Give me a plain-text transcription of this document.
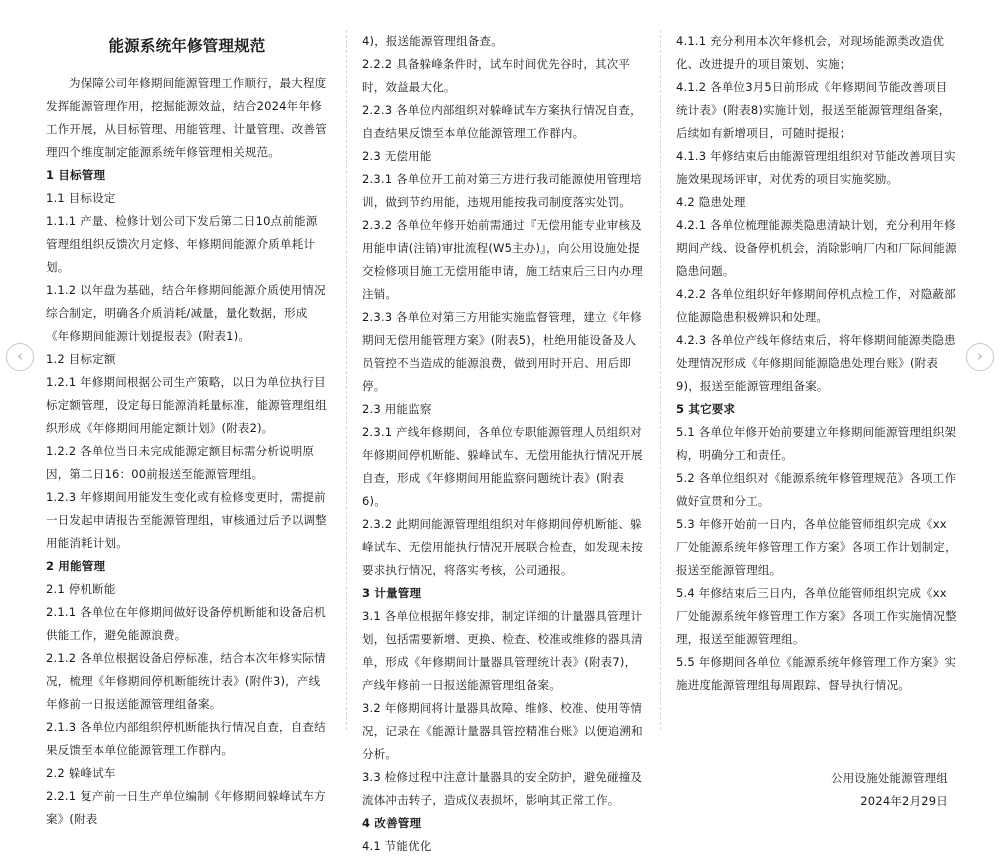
能源系统年修管理规范

为保障公司年修期间能源管理工作顺行，最大程度发挥能源管理作用，挖掘能源效益，结合2024年年修工作开展，从目标管理、用能管理、计量管理、改善管理四个维度制定能源系统年修管理相关规范。

1 目标管理

1.1 目标设定

1.1.1 产量、检修计划公司下发后第二日10点前能源管理组组织反馈次月定修、年修期间能源介质单耗计划。

1.1.2 以年盘为基础，结合年修期间能源介质使用情况综合制定，明确各介质消耗/减量，量化数据，形成《年修期间能源计划提报表》(附表1)。

1.2 目标定额

1.2.1 年修期间根据公司生产策略，以日为单位执行目标定额管理，设定每日能源消耗量标准，能源管理组组织形成《年修期间用能定额计划》(附表2)。

1.2.2 各单位当日未完成能源定额目标需分析说明原因，第二日16：00前报送至能源管理组。

1.2.3 年修期间用能发生变化或有检修变更时，需提前一日发起申请报告至能源管理组，审核通过后予以调整用能消耗计划。

2 用能管理

2.1 停机断能

2.1.1 各单位在年修期间做好设备停机断能和设备启机供能工作，避免能源浪费。

2.1.2 各单位根据设备启停标准，结合本次年修实际情况，梳理《年修期间停机断能统计表》(附件3)，产线年修前一日报送能源管理组备案。

2.1.3 各单位内部组织停机断能执行情况自查，自查结果反馈至本单位能源管理工作群内。

2.2 躲峰试车

2.2.1 复产前一日生产单位编制《年修期间躲峰试车方案》(附表

4)，报送能源管理组备查。

2.2.2 具备躲峰条件时，试车时间优先谷时，其次平时，效益最大化。

2.2.3 各单位内部组织对躲峰试车方案执行情况自查，自查结果反馈至本单位能源管理工作群内。

2.3 无偿用能

2.3.1 各单位开工前对第三方进行我司能源使用管理培训，做到节约用能，违规用能按我司制度落实处罚。

2.3.2 各单位年修开始前需通过『无偿用能专业审核及用能申请(注销)审批流程(W5主办)』，向公用设施处提交检修项目施工无偿用能申请，施工结束后三日内办理注销。

2.3.3 各单位对第三方用能实施监督管理，建立《年修期间无偿用能管理方案》(附表5)，杜绝用能设备及人员管控不当造成的能源浪费，做到用时开启、用后即停。

2.3 用能监察

2.3.1 产线年修期间，各单位专职能源管理人员组织对年修期间停机断能、躲峰试车、无偿用能执行情况开展自查，形成《年修期间用能监察问题统计表》(附表6)。

2.3.2 此期间能源管理组组织对年修期间停机断能、躲峰试车、无偿用能执行情况开展联合检查，如发现未按要求执行情况，将落实考核，公司通报。

3 计量管理

3.1 各单位根据年修安排，制定详细的计量器具管理计划，包括需要新增、更换、检查、校准或维修的器具清单，形成《年修期间计量器具管理统计表》(附表7)，产线年修前一日报送能源管理组备案。

3.2 年修期间将计量器具故障、维修、校准、使用等情况，记录在《能源计量器具管控精准台账》以便追溯和分析。

3.3 检修过程中注意计量器具的安全防护，避免碰撞及流体冲击转子，造成仪表损坏，影响其正常工作。

4 改善管理

4.1 节能优化

4.1.1 充分利用本次年修机会，对现场能源类改造优化、改进提升的项目策划、实施；

4.1.2 各单位3月5日前形成《年修期间节能改善项目统计表》(附表8)实施计划，报送至能源管理组备案，后续如有新增项目，可随时提报；

4.1.3 年修结束后由能源管理组组织对节能改善项目实施效果现场评审，对优秀的项目实施奖励。

4.2 隐患处理

4.2.1 各单位梳理能源类隐患清缺计划，充分利用年修期间产线、设备停机机会，消除影响厂内和厂际间能源隐患问题。

4.2.2 各单位组织好年修期间停机点检工作，对隐蔽部位能源隐患积极辨识和处理。

4.2.3 各单位产线年修结束后，将年修期间能源类隐患处理情况形成《年修期间能源隐患处理台账》(附表9)，报送至能源管理组备案。

5 其它要求

5.1 各单位年修开始前要建立年修期间能源管理组织架构，明确分工和责任。

5.2 各单位组织对《能源系统年修管理规范》各项工作做好宣贯和分工。

5.3 年修开始前一日内，各单位能管师组织完成《xx厂处能源系统年修管理工作方案》各项工作计划制定，报送至能源管理组。

5.4 年修结束后三日内，各单位能管师组织完成《xx厂处能源系统年修管理工作方案》各项工作实施情况整理，报送至能源管理组。

5.5 年修期间各单位《能源系统年修管理工作方案》实施进度能源管理组每周跟踪、督导执行情况。

公用设施处能源管理组

2024年2月29日

‹	›
